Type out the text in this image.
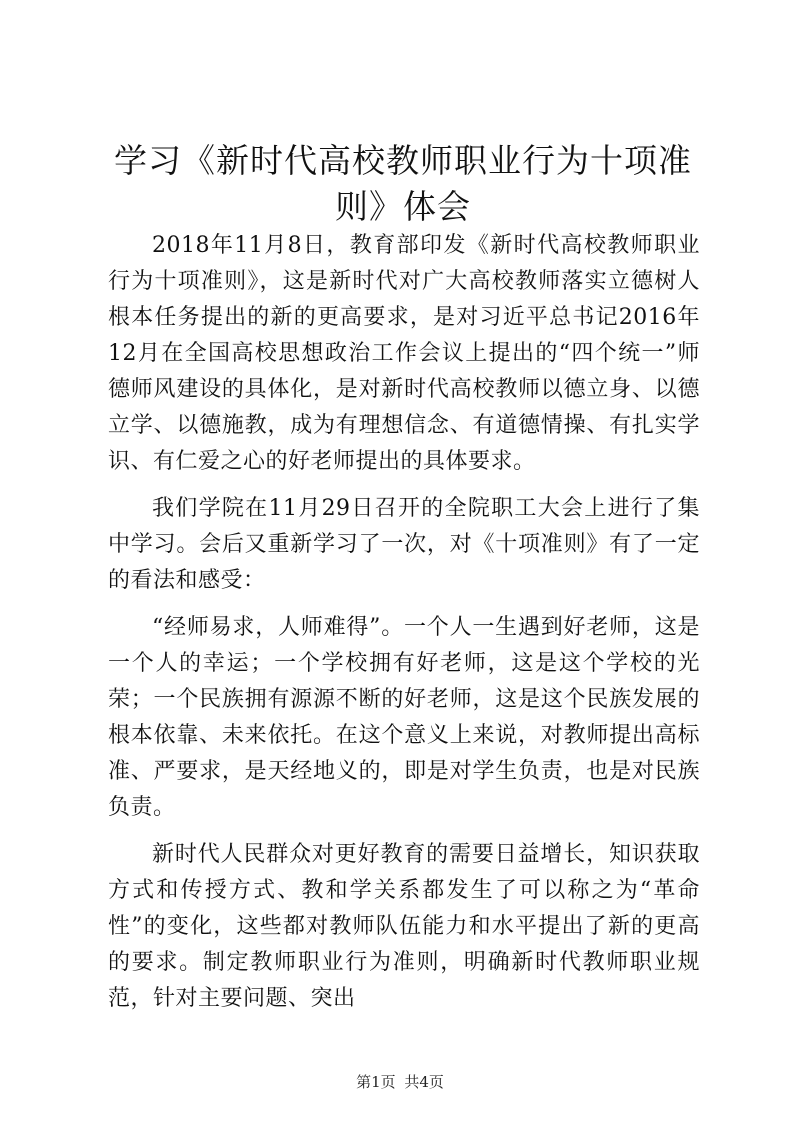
学习《新时代高校教师职业行为十项准则》体会

2018年11月8日，教育部印发《新时代高校教师职业行为十项准则》，这是新时代对广大高校教师落实立德树人根本任务提出的新的更高要求，是对习近平总书记2016年12月在全国高校思想政治工作会议上提出的“四个统一”师德师风建设的具体化，是对新时代高校教师以德立身、以德立学、以德施教，成为有理想信念、有道德情操、有扎实学识、有仁爱之心的好老师提出的具体要求。

我们学院在11月29日召开的全院职工大会上进行了集中学习。会后又重新学习了一次，对《十项准则》有了一定的看法和感受：

“经师易求，人师难得”。一个人一生遇到好老师，这是一个人的幸运；一个学校拥有好老师，这是这个学校的光荣；一个民族拥有源源不断的好老师，这是这个民族发展的根本依靠、未来依托。在这个意义上来说，对教师提出高标准、严要求，是天经地义的，即是对学生负责，也是对民族负责。

新时代人民群众对更好教育的需要日益增长，知识获取方式和传授方式、教和学关系都发生了可以称之为“革命性”的变化，这些都对教师队伍能力和水平提出了新的更高的要求。制定教师职业行为准则，明确新时代教师职业规范，针对主要问题、突出

第1页 共4页
